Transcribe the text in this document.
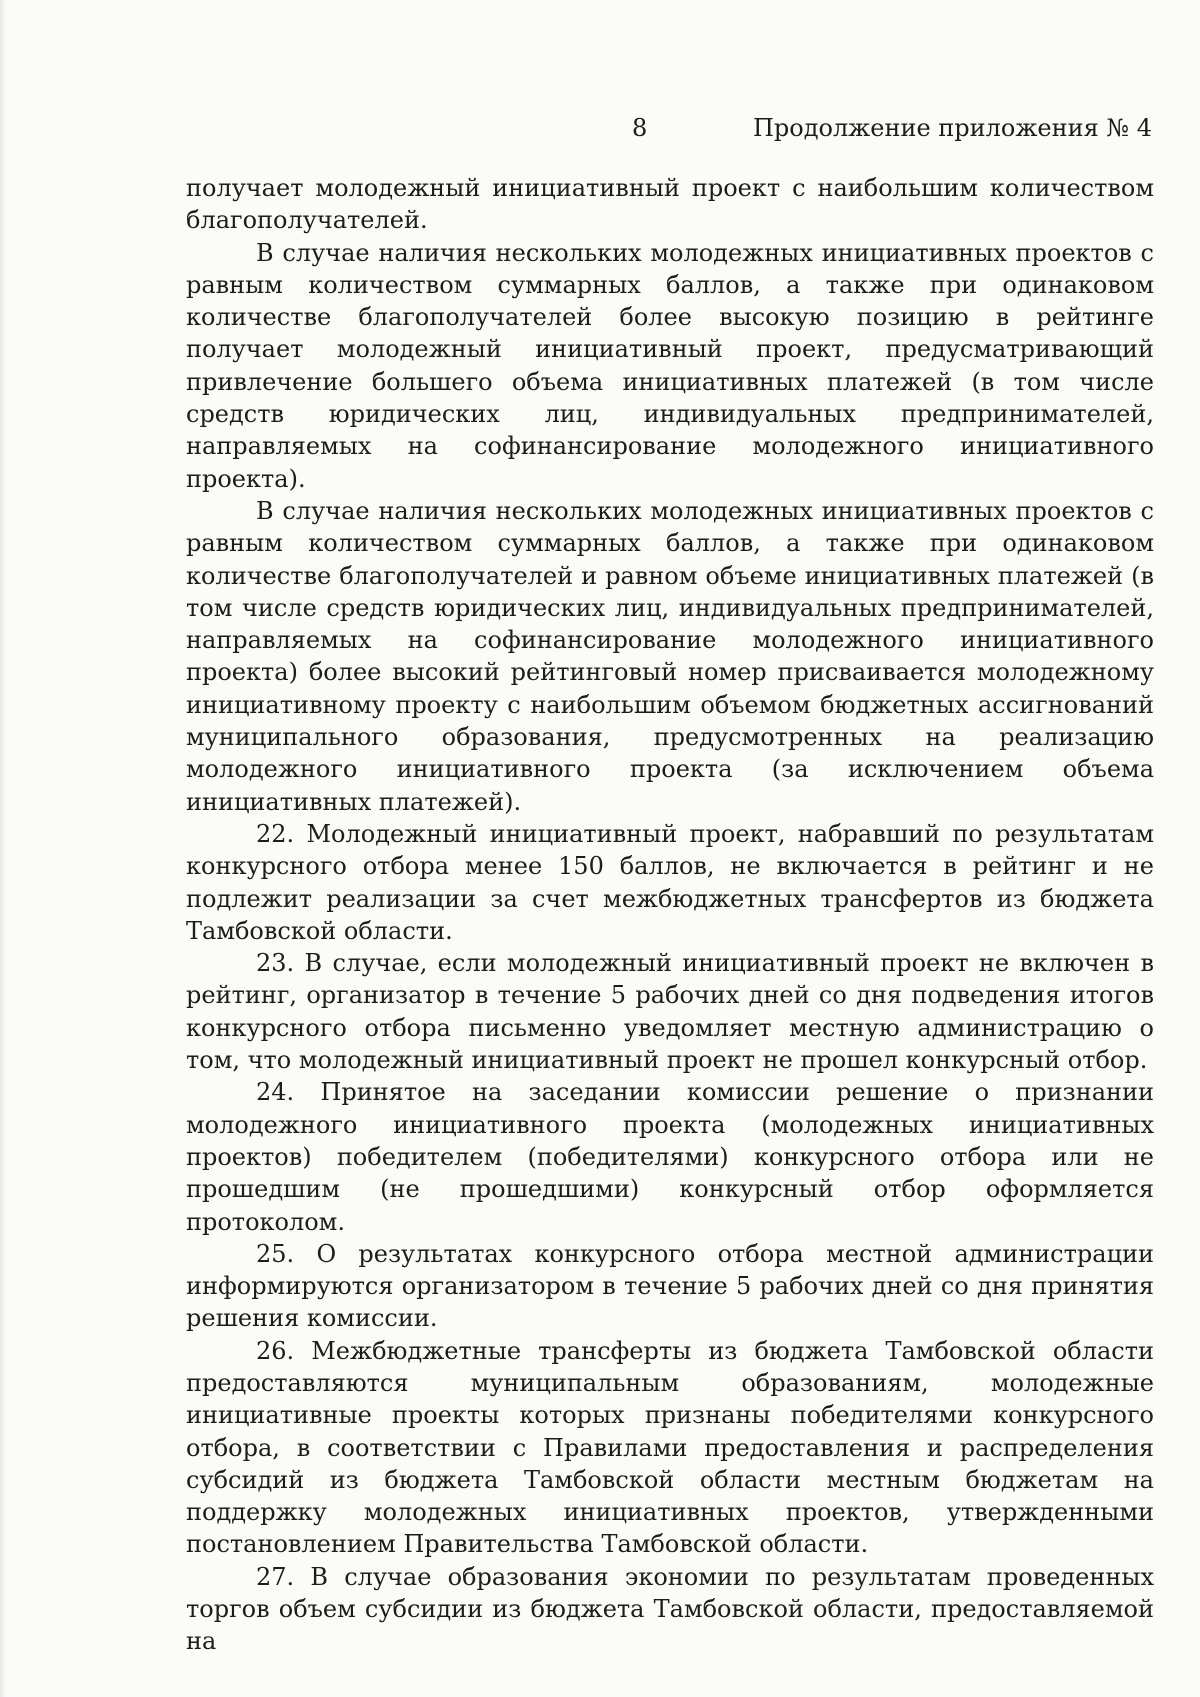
8	Продолжение приложения № 4

получает молодежный инициативный проект с наибольшим количеством благополучателей.

В случае наличия нескольких молодежных инициативных проектов с равным количеством суммарных баллов, а также при одинаковом количестве благополучателей более высокую позицию в рейтинге получает молодежный инициативный проект, предусматривающий привлечение большего объема инициативных платежей (в том числе средств юридических лиц, индивидуальных предпринимателей, направляемых на софинансирование молодежного инициативного проекта).

В случае наличия нескольких молодежных инициативных проектов с равным количеством суммарных баллов, а также при одинаковом количестве благополучателей и равном объеме инициативных платежей (в том числе средств юридических лиц, индивидуальных предпринимателей, направляемых на софинансирование молодежного инициативного проекта) более высокий рейтинговый номер присваивается молодежному инициативному проекту с наибольшим объемом бюджетных ассигнований муниципального образования, предусмотренных на реализацию молодежного инициативного проекта (за исключением объема инициативных платежей).

22. Молодежный инициативный проект, набравший по результатам конкурсного отбора менее 150 баллов, не включается в рейтинг и не подлежит реализации за счет межбюджетных трансфертов из бюджета Тамбовской области.

23. В случае, если молодежный инициативный проект не включен в рейтинг, организатор в течение 5 рабочих дней со дня подведения итогов конкурсного отбора письменно уведомляет местную администрацию о том, что молодежный инициативный проект не прошел конкурсный отбор.

24. Принятое на заседании комиссии решение о признании молодежного инициативного проекта (молодежных инициативных проектов) победителем (победителями) конкурсного отбора или не прошедшим (не прошедшими) конкурсный отбор оформляется протоколом.

25. О результатах конкурсного отбора местной администрации информируются организатором в течение 5 рабочих дней со дня принятия решения комиссии.

26. Межбюджетные трансферты из бюджета Тамбовской области предоставляются муниципальным образованиям, молодежные инициативные проекты которых признаны победителями конкурсного отбора, в соответствии с Правилами предоставления и распределения субсидий из бюджета Тамбовской области местным бюджетам на поддержку молодежных инициативных проектов, утвержденными постановлением Правительства Тамбовской области.

27. В случае образования экономии по результатам проведенных торгов объем субсидии из бюджета Тамбовской области, предоставляемой на
